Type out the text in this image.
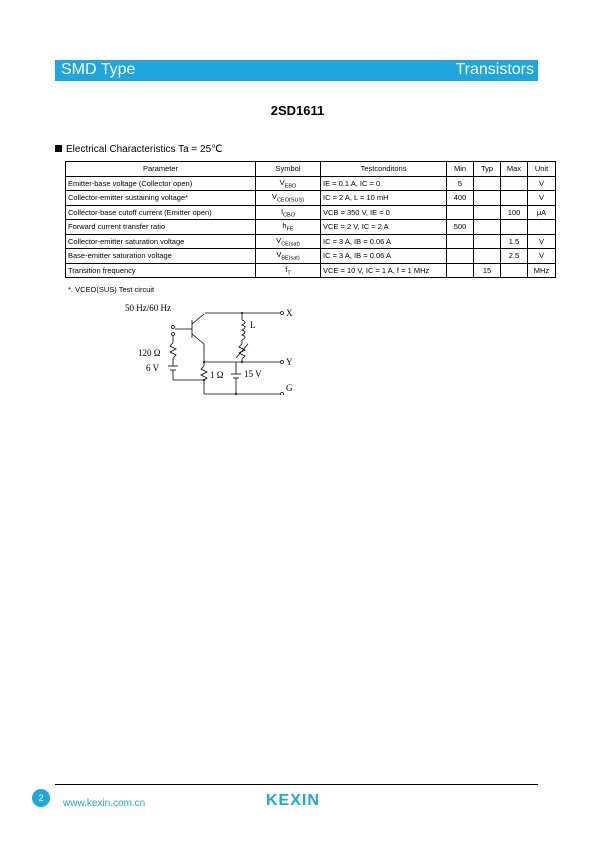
SMD Type	Transistors
2SD1611
Electrical Characteristics Ta = 25℃
Parameter	Symbol	Testconditons	Min	Typ	Max	Unit
Emitter-base voltage (Collector open)	$V_{EBO}$	IE = 0.1 A, IC = 0	5			V
Collector-emitter sustaining voltage*	$V_{CEO(SUS)}$	IC = 2 A, L = 10 mH	400			V
Collector-base cutoff current (Emitter open)	$I_{CBO}$	VCB = 350 V, IE = 0			100	μA
Forward current transfer ratio	$h_{FE}$	VCE = 2 V, IC = 2 A	500			
Collector-emitter saturation voltage	$V_{CE(sat)}$	IC = 3 A, IB = 0.06 A			1.5	V
Base-emitter saturation voltage	$V_{BE(sat)}$	IC = 3 A, IB = 0.06 A			2.5	V
Transition frequency	$f_T$	VCE = 10 V, IC = 1 A, f = 1 MHz		15		MHz
*. VCEO(SUS) Test circuit
50 Hz/60 Hz
L
120 Ω
6 V
1 Ω 15 V
X
Y
G
2	www.kexin.com.cn	KEXIN
